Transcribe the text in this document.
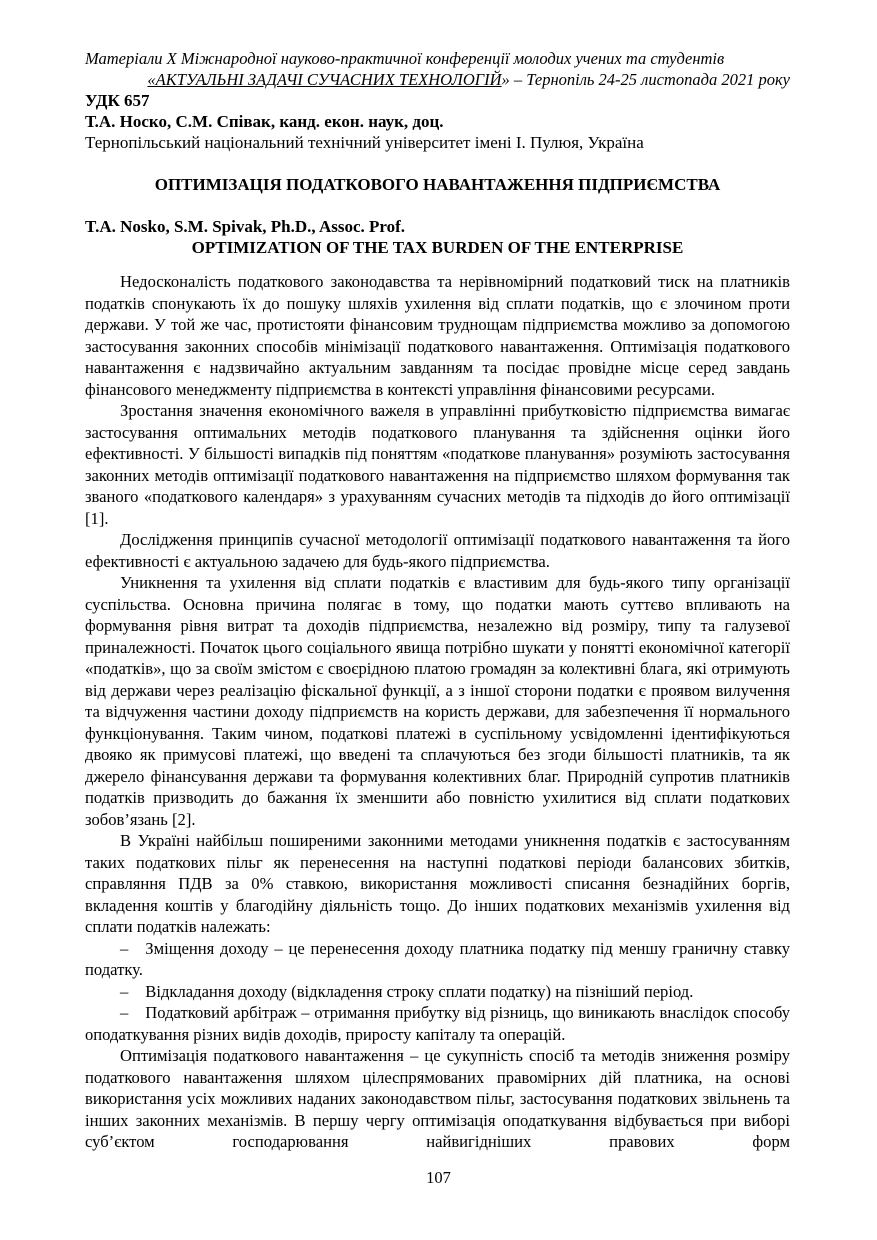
Матеріали X Міжнародної науково-практичної конференції молодих учених та студентів
«АКТУАЛЬНІ ЗАДАЧІ СУЧАСНИХ ТЕХНОЛОГІЙ» – Тернопіль 24-25 листопада 2021 року
УДК 657
Т.А. Носко, С.М. Співак, канд. екон. наук, доц.
Тернопільський національний технічний університет імені І. Пулюя, Україна
ОПТИМІЗАЦІЯ ПОДАТКОВОГО НАВАНТАЖЕННЯ ПІДПРИЄМСТВА
T.A. Nosko, S.M. Spivak, Ph.D., Assoc. Prof.
OPTIMIZATION OF THE TAX BURDEN OF THE ENTERPRISE

Недосконалість податкового законодавства та нерівномірний податковий тиск на платників податків спонукають їх до пошуку шляхів ухилення від сплати податків, що є злочином проти держави. У той же час, протистояти фінансовим труднощам підприємства можливо за допомогою застосування законних способів мінімізації податкового навантаження. Оптимізація податкового навантаження є надзвичайно актуальним завданням та посідає провідне місце серед завдань фінансового менеджменту підприємства в контексті управління фінансовими ресурсами.

Зростання значення економічного важеля в управлінні прибутковістю підприємства вимагає застосування оптимальних методів податкового планування та здійснення оцінки його ефективності. У більшості випадків під поняттям «податкове планування» розуміють застосування законних методів оптимізації податкового навантаження на підприємство шляхом формування так званого «податкового календаря» з урахуванням сучасних методів та підходів до його оптимізації [1].

Дослідження принципів сучасної методології оптимізації податкового навантаження та його ефективності є актуальною задачею для будь-якого підприємства.

Уникнення та ухилення від сплати податків є властивим для будь-якого типу організації суспільства. Основна причина полягає в тому, що податки мають суттєво впливають на формування рівня витрат та доходів підприємства, незалежно від розміру, типу та галузевої приналежності. Початок цього соціального явища потрібно шукати у понятті економічної категорії «податків», що за своїм змістом є своєрідною платою громадян за колективні блага, які отримують від держави через реалізацію фіскальної функції, а з іншої сторони податки є проявом вилучення та відчуження частини доходу підприємств на користь держави, для забезпечення її нормального функціонування. Таким чином, податкові платежі в суспільному усвідомленні ідентифікуються двояко як примусові платежі, що введені та сплачуються без згоди більшості платників, та як джерело фінансування держави та формування колективних благ. Природній супротив платників податків призводить до бажання їх зменшити або повністю ухилитися від сплати податкових зобов’язань [2].

В Україні найбільш поширеними законними методами уникнення податків є застосуванням таких податкових пільг як перенесення на наступні податкові періоди балансових збитків, справляння ПДВ за 0% ставкою, використання можливості списання безнадійних боргів, вкладення коштів у благодійну діяльність тощо. До інших податкових механізмів ухилення від сплати податків належать:

– Зміщення доходу – це перенесення доходу платника податку під меншу граничну ставку податку.

– Відкладання доходу (відкладення строку сплати податку) на пізніший період.

– Податковий арбітраж – отримання прибутку від різниць, що виникають внаслідок способу оподаткування різних видів доходів, приросту капіталу та операцій.

Оптимізація податкового навантаження – це сукупність спосіб та методів зниження розміру податкового навантаження шляхом цілеспрямованих правомірних дій платника, на основі використання усіх можливих наданих законодавством пільг, застосування податкових звільнень та інших законних механізмів. В першу чергу оптимізація оподаткування відбувається при виборі суб’єктом господарювання найвигідніших правових форм

107
